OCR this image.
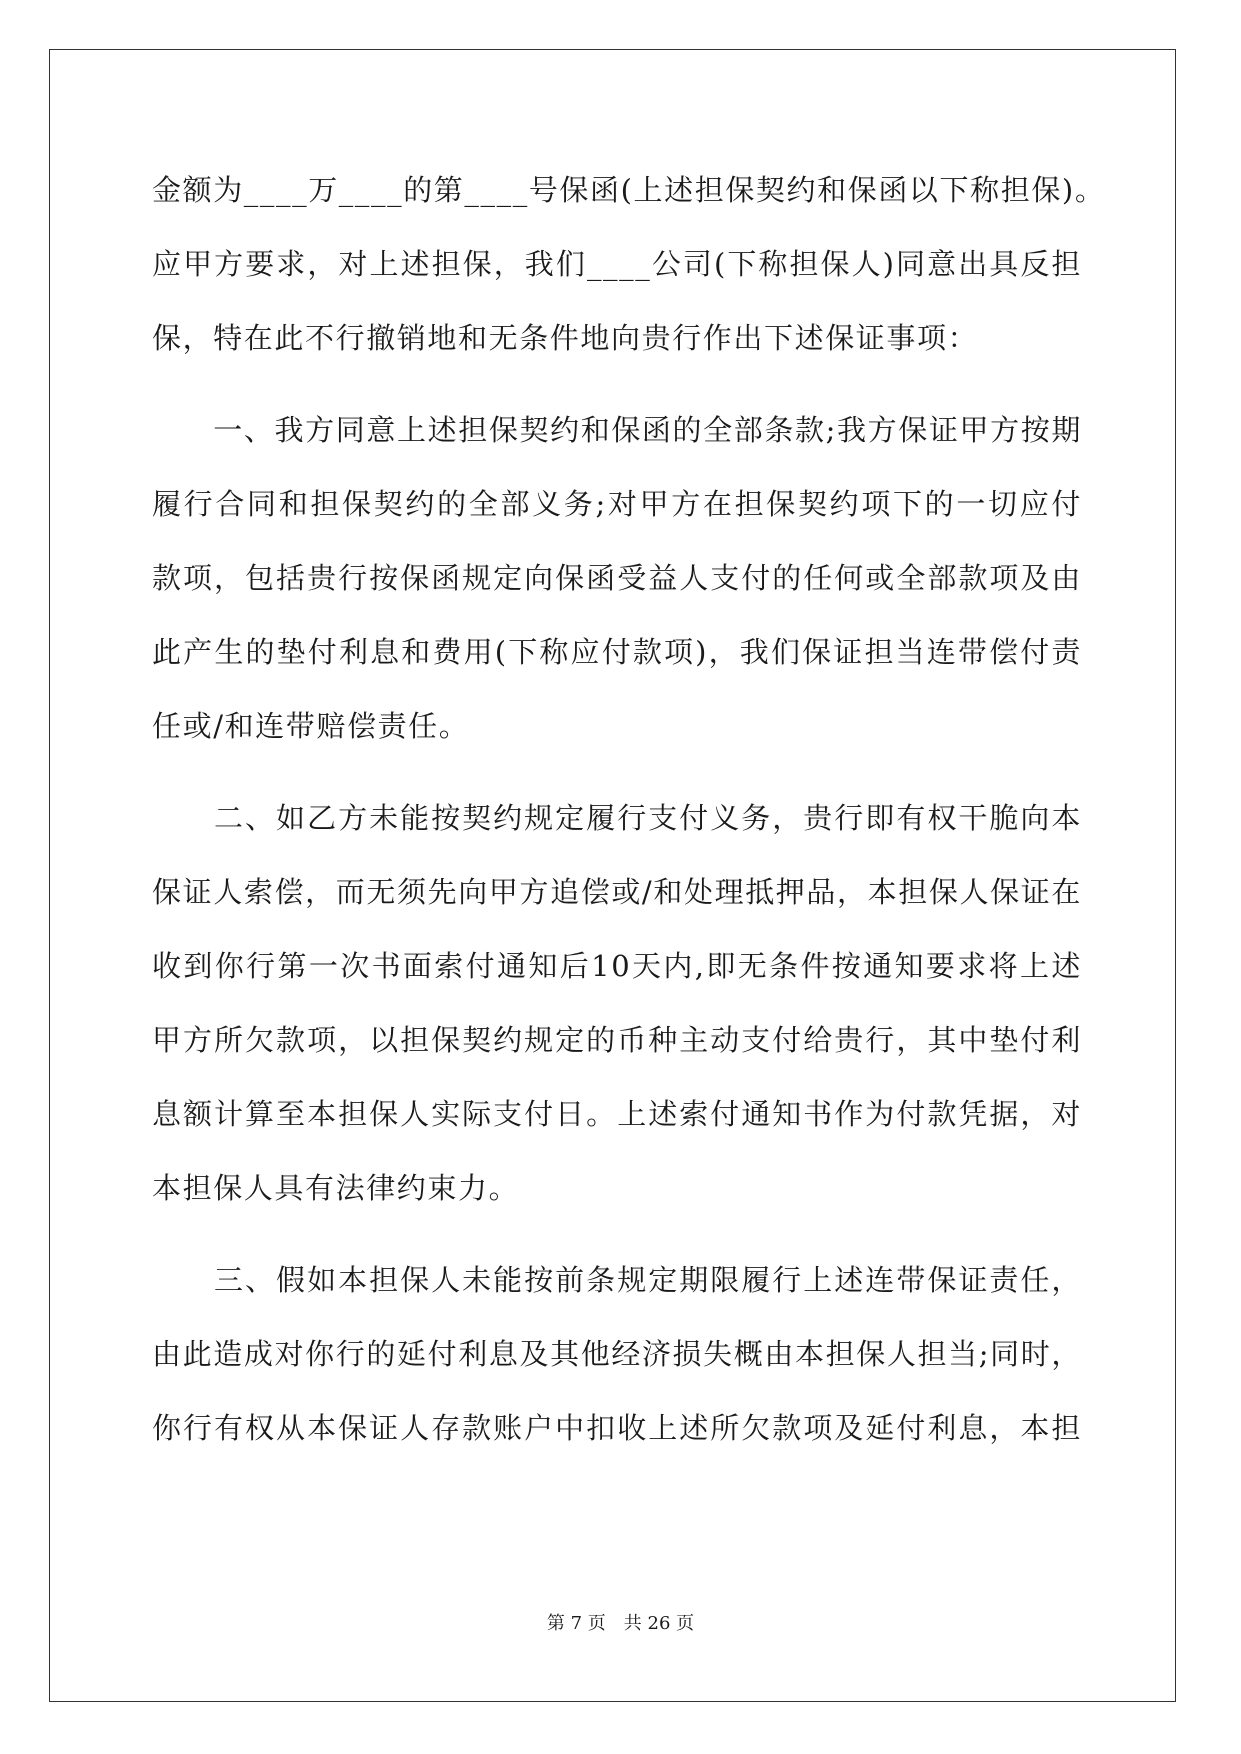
金额为____万____的第____号保函(上述担保契约和保函以下称担保)。
应甲方要求，对上述担保，我们____公司(下称担保人)同意出具反担
保，特在此不行撤销地和无条件地向贵行作出下述保证事项：
　　一、我方同意上述担保契约和保函的全部条款;我方保证甲方按期
履行合同和担保契约的全部义务;对甲方在担保契约项下的一切应付
款项，包括贵行按保函规定向保函受益人支付的任何或全部款项及由
此产生的垫付利息和费用(下称应付款项)，我们保证担当连带偿付责
任或/和连带赔偿责任。
　　二、如乙方未能按契约规定履行支付义务，贵行即有权干脆向本
保证人索偿，而无须先向甲方追偿或/和处理抵押品，本担保人保证在
收到你行第一次书面索付通知后10天内,即无条件按通知要求将上述
甲方所欠款项，以担保契约规定的币种主动支付给贵行，其中垫付利
息额计算至本担保人实际支付日。上述索付通知书作为付款凭据，对
本担保人具有法律约束力。
　　三、假如本担保人未能按前条规定期限履行上述连带保证责任，
由此造成对你行的延付利息及其他经济损失概由本担保人担当;同时，
你行有权从本保证人存款账户中扣收上述所欠款项及延付利息，本担
第 7 页　共 26 页
